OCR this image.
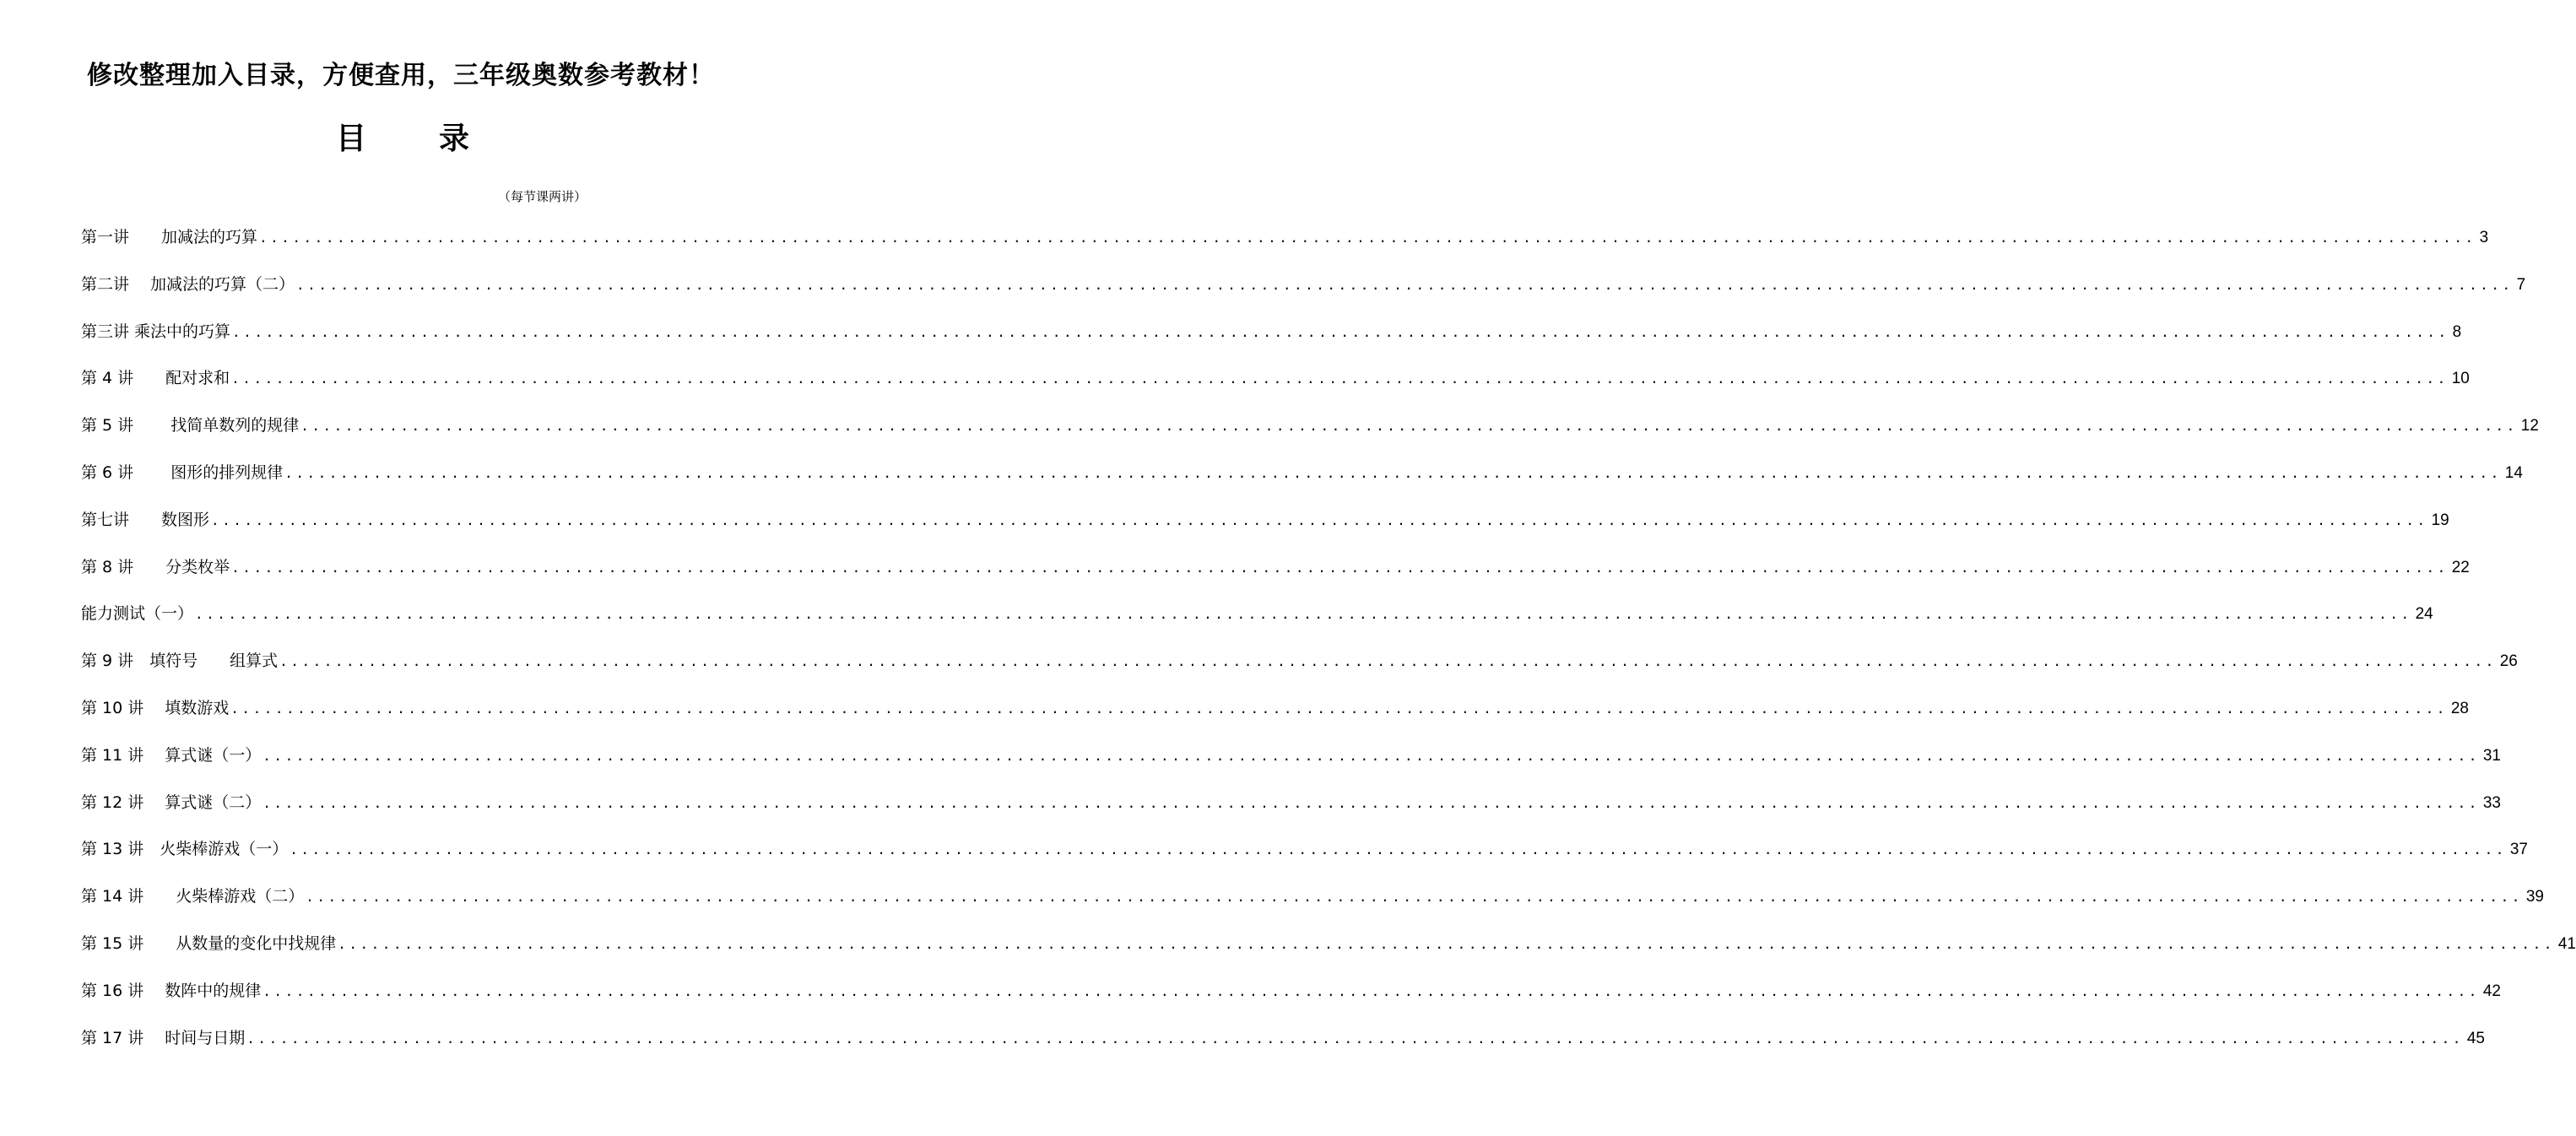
修改整理加入目录，方便查用，三年级奥数参考教材！
目 录
（每节课两讲）
第一讲　　加减法的巧算 ........................................................................................................................................................................................................ 3
第二讲　 加减法的巧算（二） ........................................................................................................................................................................................................ 7
第三讲 乘法中的巧算 ........................................................................................................................................................................................................ 8
第 4 讲　　配对求和 ........................................................................................................................................................................................................ 10
第 5 讲　　 找简单数列的规律 ........................................................................................................................................................................................................ 12
第 6 讲　　 图形的排列规律 ........................................................................................................................................................................................................ 14
第七讲　　数图形 ........................................................................................................................................................................................................ 19
第 8 讲　　分类枚举 ........................................................................................................................................................................................................ 22
能力测试（一） ........................................................................................................................................................................................................ 24
第 9 讲　填符号　　组算式 ........................................................................................................................................................................................................ 26
第 10 讲　 填数游戏 ........................................................................................................................................................................................................ 28
第 11 讲　 算式谜（一） ........................................................................................................................................................................................................ 31
第 12 讲　 算式谜（二） ........................................................................................................................................................................................................ 33
第 13 讲　火柴棒游戏（一） ........................................................................................................................................................................................................ 37
第 14 讲　　火柴棒游戏（二） ........................................................................................................................................................................................................ 39
第 15 讲　　从数量的变化中找规律 ........................................................................................................................................................................................................ 41
第 16 讲　 数阵中的规律 ........................................................................................................................................................................................................ 42
第 17 讲　 时间与日期 ........................................................................................................................................................................................................ 45
